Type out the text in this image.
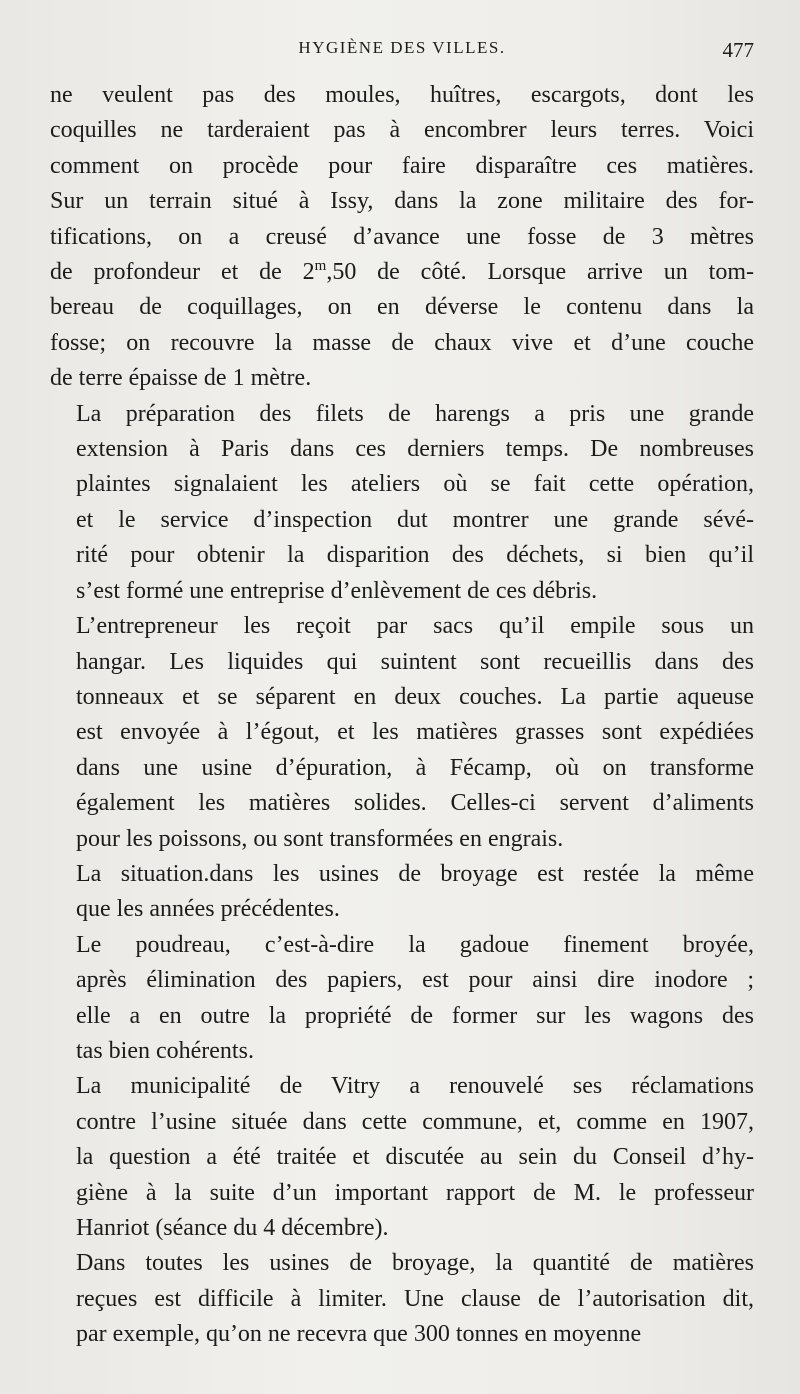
HYGIÈNE DES VILLES.	477

ne veulent pas des moules, huîtres, escargots, dont les
coquilles ne tarderaient pas à encombrer leurs terres. Voici
comment on procède pour faire disparaître ces matières.
Sur un terrain situé à Issy, dans la zone militaire des for-
tifications, on a creusé d’avance une fosse de 3 mètres
de profondeur et de 2$^m$,50 de côté. Lorsque arrive un tom-
bereau de coquillages, on en déverse le contenu dans la
fosse; on recouvre la masse de chaux vive et d’une couche
de terre épaisse de 1 mètre.

La préparation des filets de harengs a pris une grande
extension à Paris dans ces derniers temps. De nombreuses
plaintes signalaient les ateliers où se fait cette opération,
et le service d’inspection dut montrer une grande sévé-
rité pour obtenir la disparition des déchets, si bien qu’il
s’est formé une entreprise d’enlèvement de ces débris.

L’entrepreneur les reçoit par sacs qu’il empile sous un
hangar. Les liquides qui suintent sont recueillis dans des
tonneaux et se séparent en deux couches. La partie aqueuse
est envoyée à l’égout, et les matières grasses sont expédiées
dans une usine d’épuration, à Fécamp, où on transforme
également les matières solides. Celles-ci servent d’aliments
pour les poissons, ou sont transformées en engrais.

La situation.dans les usines de broyage est restée la même
que les années précédentes.

Le poudreau, c’est-à-dire la gadoue finement broyée,
après élimination des papiers, est pour ainsi dire inodore ;
elle a en outre la propriété de former sur les wagons des
tas bien cohérents.

La municipalité de Vitry a renouvelé ses réclamations
contre l’usine située dans cette commune, et, comme en 1907,
la question a été traitée et discutée au sein du Conseil d’hy-
giène à la suite d’un important rapport de M. le professeur
Hanriot (séance du 4 décembre).

Dans toutes les usines de broyage, la quantité de matières
reçues est difficile à limiter. Une clause de l’autorisation dit,
par exemple, qu’on ne recevra que 300 tonnes en moyenne
